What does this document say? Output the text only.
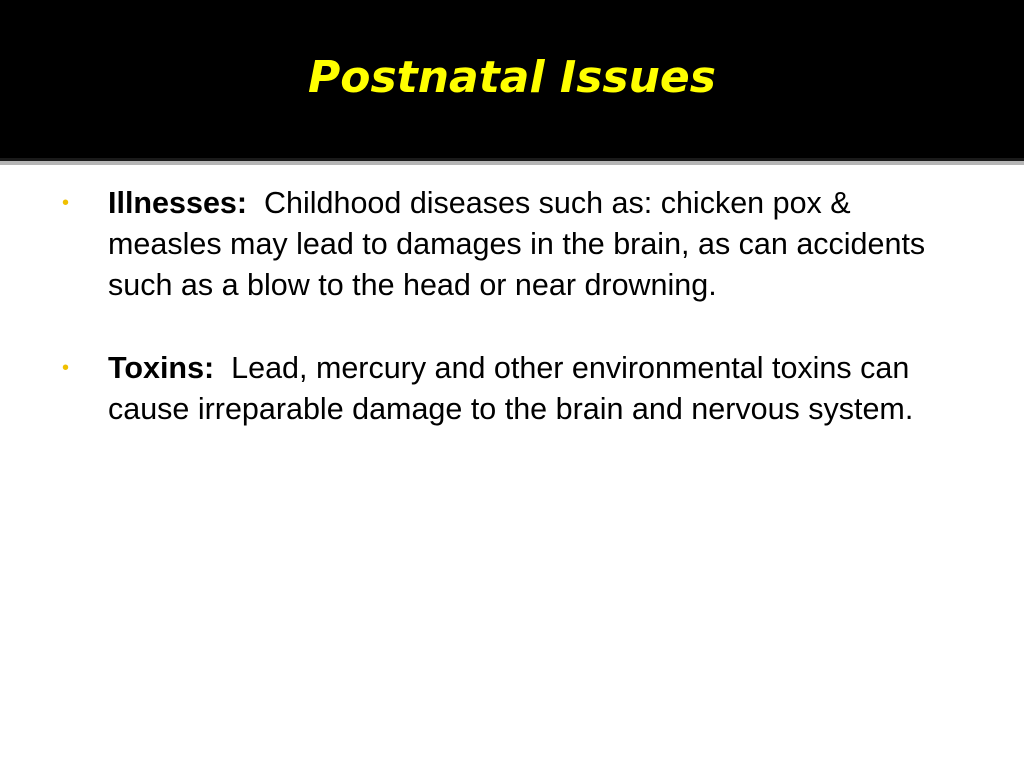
Postnatal Issues
• Illnesses: Childhood diseases such as: chicken pox & measles may lead to damages in the brain, as can accidents such as a blow to the head or near drowning.
• Toxins: Lead, mercury and other environmental toxins can cause irreparable damage to the brain and nervous system.
